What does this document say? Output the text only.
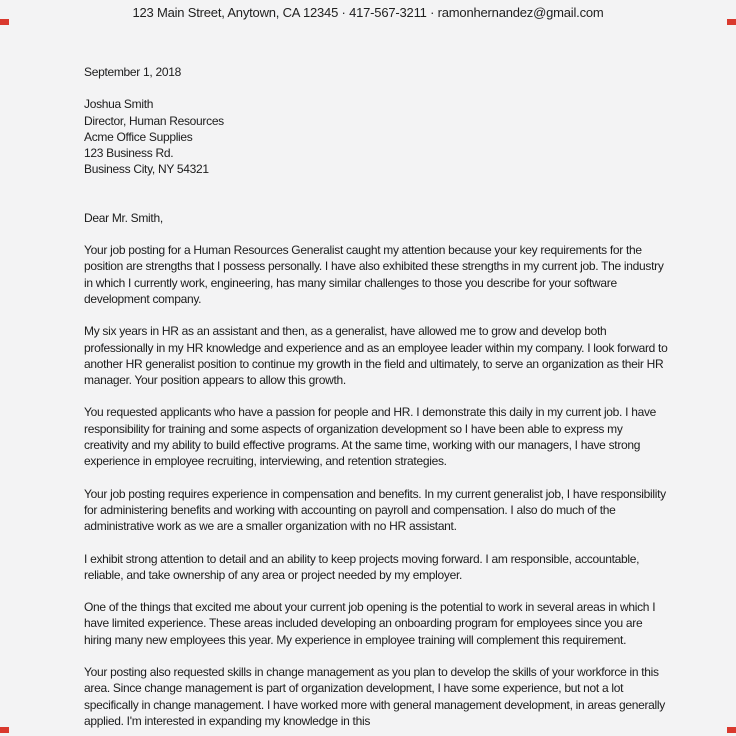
123 Main Street, Anytown, CA 12345 · 417-567-3211 · ramonhernandez@gmail.com
September 1, 2018
Joshua Smith
Director, Human Resources
Acme Office Supplies
123 Business Rd.
Business City, NY 54321
Dear Mr. Smith,

Your job posting for a Human Resources Generalist caught my attention because your key requirements for the position are strengths that I possess personally. I have also exhibited these strengths in my current job. The industry in which I currently work, engineering, has many similar challenges to those you describe for your software development company.

My six years in HR as an assistant and then, as a generalist, have allowed me to grow and develop both professionally in my HR knowledge and experience and as an employee leader within my company. I look forward to another HR generalist position to continue my growth in the field and ultimately, to serve an organization as their HR manager. Your position appears to allow this growth.

You requested applicants who have a passion for people and HR. I demonstrate this daily in my current job. I have responsibility for training and some aspects of organization development so I have been able to express my creativity and my ability to build effective programs. At the same time, working with our managers, I have strong experience in employee recruiting, interviewing, and retention strategies.

Your job posting requires experience in compensation and benefits. In my current generalist job, I have responsibility for administering benefits and working with accounting on payroll and compensation. I also do much of the administrative work as we are a smaller organization with no HR assistant.

I exhibit strong attention to detail and an ability to keep projects moving forward. I am responsible, accountable, reliable, and take ownership of any area or project needed by my employer.

One of the things that excited me about your current job opening is the potential to work in several areas in which I have limited experience. These areas included developing an onboarding program for employees since you are hiring many new employees this year. My experience in employee training will complement this requirement.

Your posting also requested skills in change management as you plan to develop the skills of your workforce in this area. Since change management is part of organization development, I have some experience, but not a lot specifically in change management. I have worked more with general management development, in areas generally applied. I'm interested in expanding my knowledge in this
